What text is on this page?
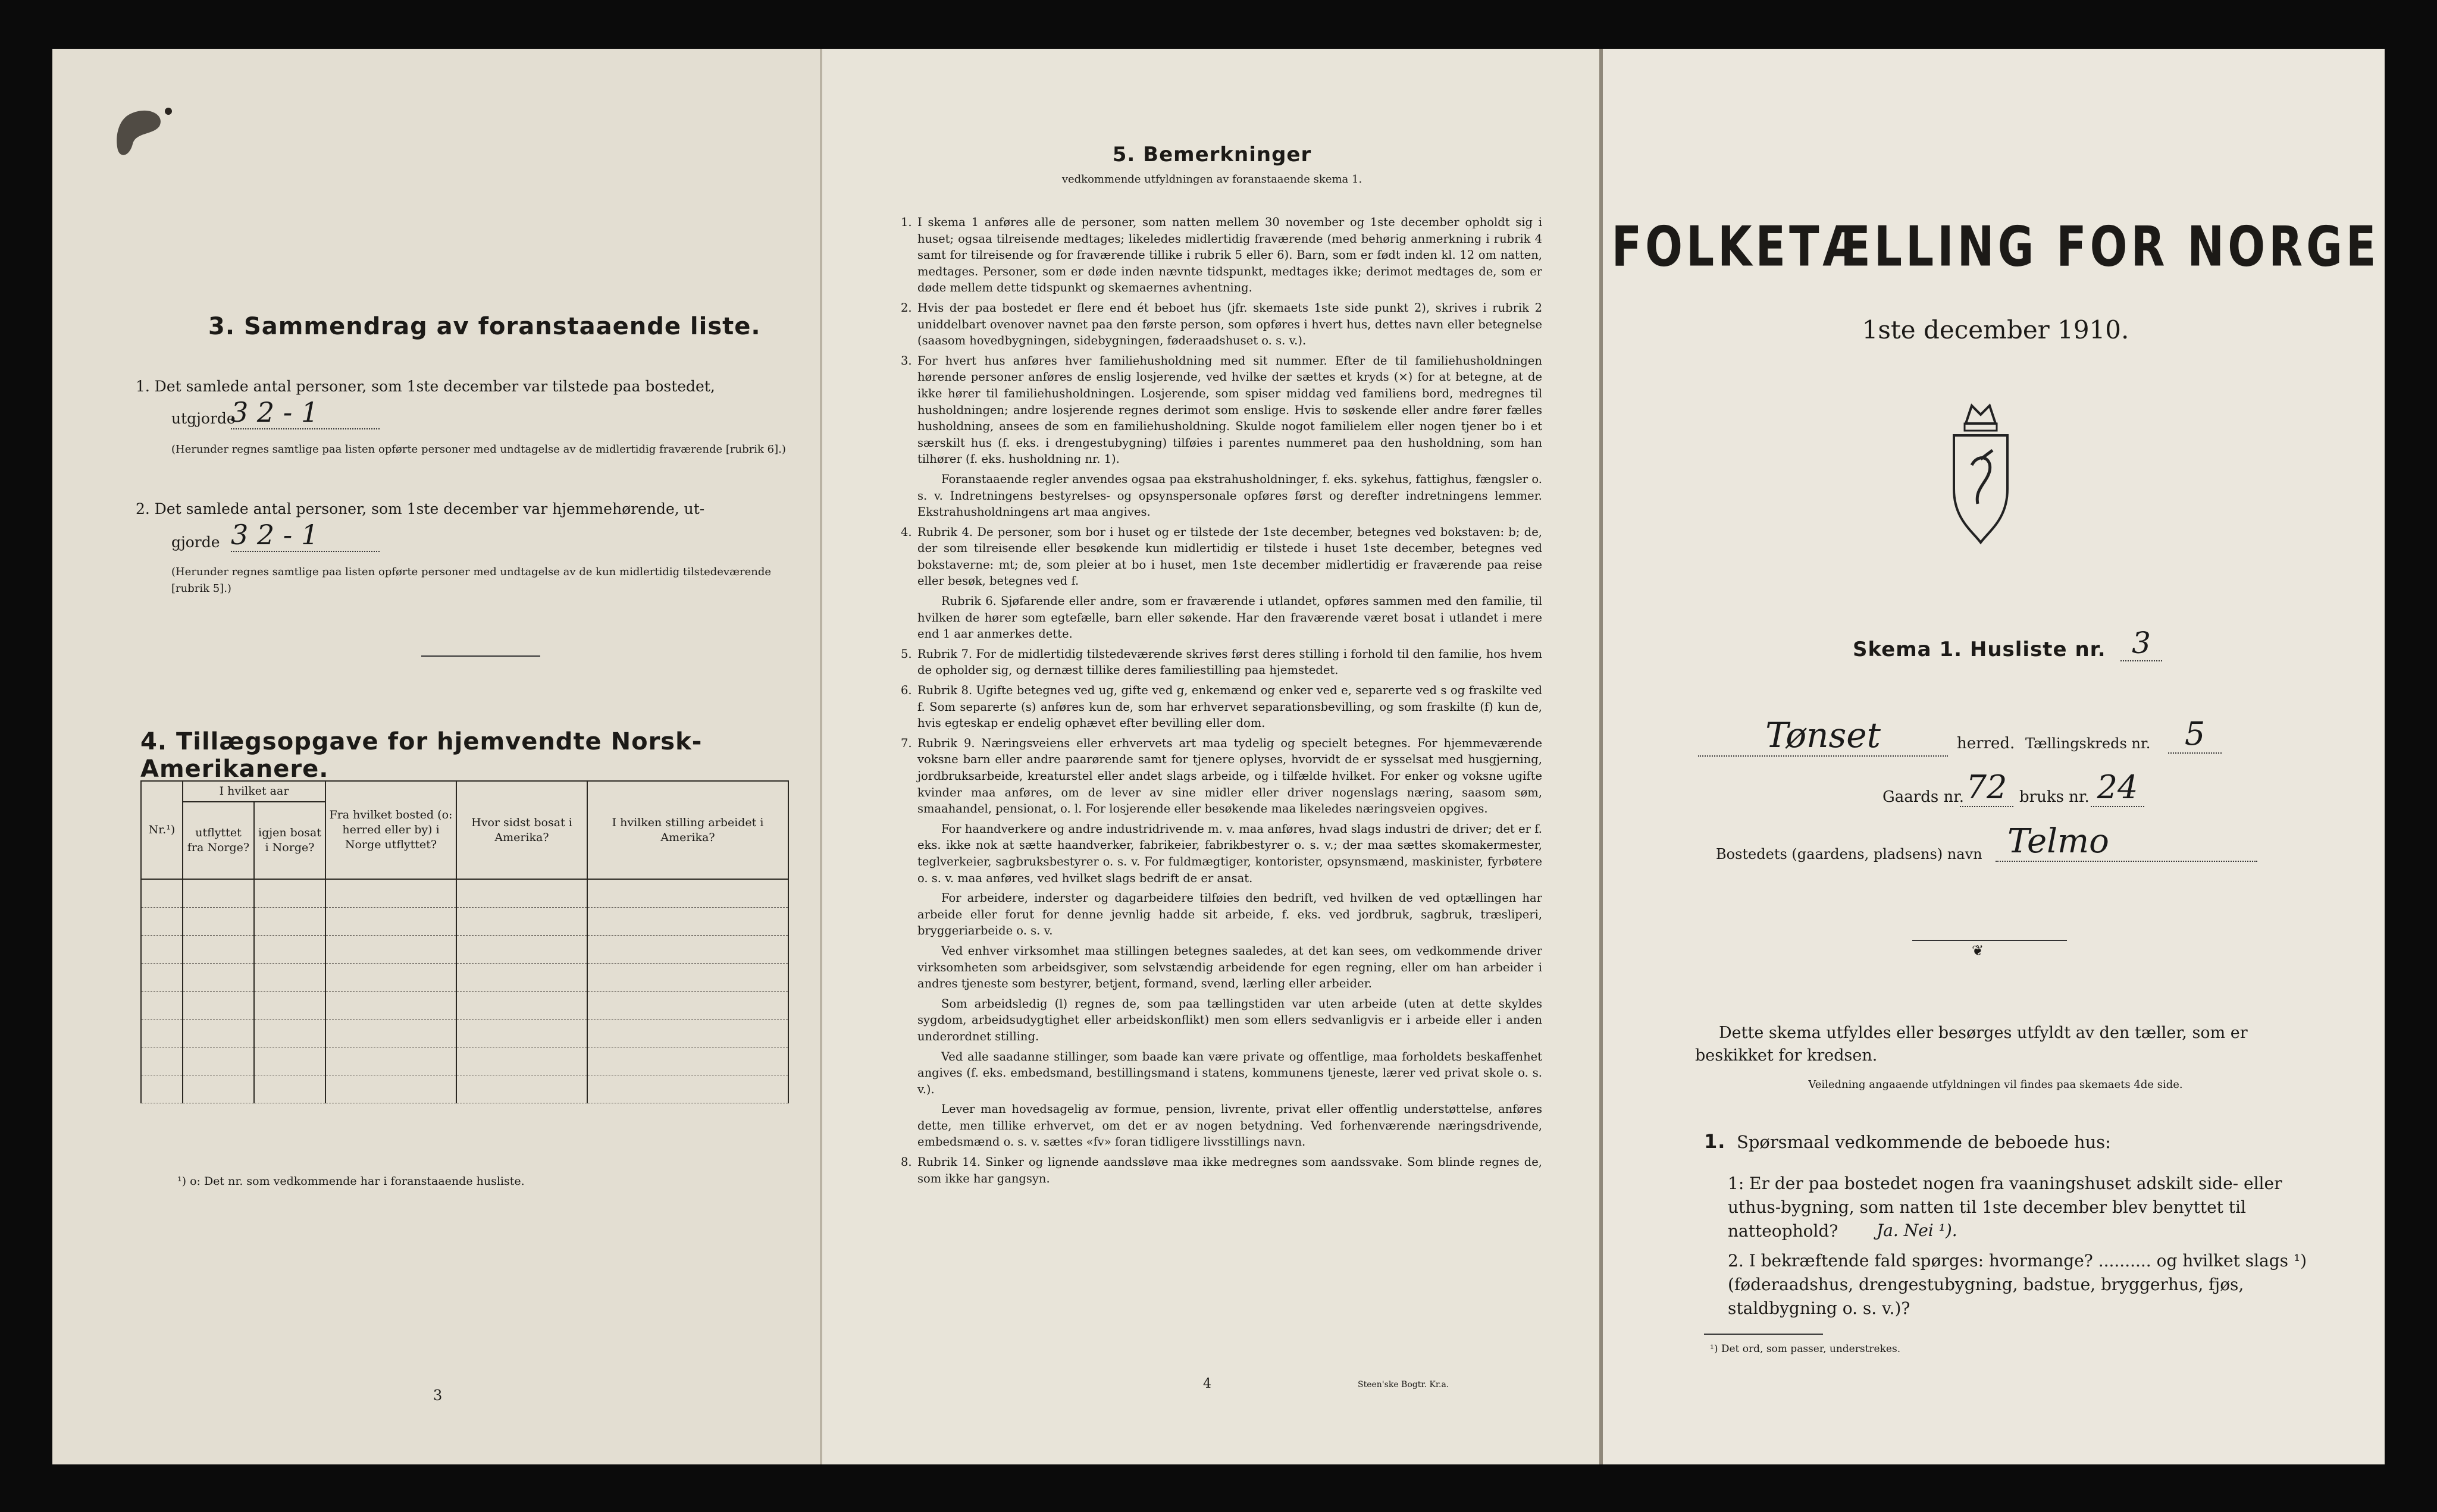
3. Sammendrag av foranstaaende liste.
1. Det samlede antal personer, som 1ste december var tilstede paa bostedet,
utgjorde
3 2 - 1
(Herunder regnes samtlige paa listen opførte personer med undtagelse av de midlertidig fraværende [rubrik 6].)
2. Det samlede antal personer, som 1ste december var hjemmehørende, ut-
gjorde 3 2 - 1
(Herunder regnes samtlige paa listen opførte personer med undtagelse av de kun midlertidig tilstedeværende [rubrik 5].)
4. Tillægsopgave for hjemvendte Norsk-Amerikanere.
Nr.¹)	I hvilket aar		Fra hvilket bosted (o: herred eller by) i Norge utflyttet?	Hvor sidst bosat i Amerika?	I hvilken stilling arbeidet i Amerika?
	utflyttet fra Norge?	igjen bosat i Norge?			

¹) o: Det nr. som vedkommende har i foranstaaende husliste.
3
5. Bemerkninger
vedkommende utfyldningen av foranstaaende skema 1.

1. I skema 1 anføres alle de personer, som natten mellem 30 november og 1ste december opholdt sig i huset; ogsaa tilreisende medtages; likeledes midlertidig fraværende (med behørig anmerkning i rubrik 4 samt for tilreisende og for fraværende tillike i rubrik 5 eller 6). Barn, som er født inden kl. 12 om natten, medtages. Personer, som er døde inden nævnte tidspunkt, medtages ikke; derimot medtages de, som er døde mellem dette tidspunkt og skemaernes avhentning.

2. Hvis der paa bostedet er flere end ét beboet hus (jfr. skemaets 1ste side punkt 2), skrives i rubrik 2 uniddelbart ovenover navnet paa den første person, som opføres i hvert hus, dettes navn eller betegnelse (saasom hovedbygningen, sidebygningen, føderaadshuset o. s. v.).

3. For hvert hus anføres hver familiehusholdning med sit nummer. Efter de til familiehusholdningen hørende personer anføres de enslig losjerende, ved hvilke der sættes et kryds (×) for at betegne, at de ikke hører til familiehusholdningen. Losjerende, som spiser middag ved familiens bord, medregnes til husholdningen; andre losjerende regnes derimot som enslige. Hvis to søskende eller andre fører fælles husholdning, ansees de som en familiehusholdning. Skulde nogot familielem eller nogen tjener bo i et særskilt hus (f. eks. i drengestubygning) tilføies i parentes nummeret paa den husholdning, som han tilhører (f. eks. husholdning nr. 1).

Foranstaaende regler anvendes ogsaa paa ekstrahusholdninger, f. eks. sykehus, fattighus, fængsler o. s. v. Indretningens bestyrelses- og opsynspersonale opføres først og derefter indretningens lemmer. Ekstrahusholdningens art maa angives.

4. Rubrik 4. De personer, som bor i huset og er tilstede der 1ste december, betegnes ved bokstaven: b; de, der som tilreisende eller besøkende kun midlertidig er tilstede i huset 1ste december, betegnes ved bokstaverne: mt; de, som pleier at bo i huset, men 1ste december midlertidig er fraværende paa reise eller besøk, betegnes ved f.

Rubrik 6. Sjøfarende eller andre, som er fraværende i utlandet, opføres sammen med den familie, til hvilken de hører som egtefælle, barn eller søkende. Har den fraværende været bosat i utlandet i mere end 1 aar anmerkes dette.

5. Rubrik 7. For de midlertidig tilstedeværende skrives først deres stilling i forhold til den familie, hos hvem de opholder sig, og dernæst tillike deres familiestilling paa hjemstedet.

6. Rubrik 8. Ugifte betegnes ved ug, gifte ved g, enkemænd og enker ved e, separerte ved s og fraskilte ved f. Som separerte (s) anføres kun de, som har erhvervet separationsbevilling, og som fraskilte (f) kun de, hvis egteskap er endelig ophævet efter bevilling eller dom.

7. Rubrik 9. Næringsveiens eller erhvervets art maa tydelig og specielt betegnes. For hjemmeværende voksne barn eller andre paarørende samt for tjenere oplyses, hvorvidt de er sysselsat med husgjerning, jordbruksarbeide, kreaturstel eller andet slags arbeide, og i tilfælde hvilket. For enker og voksne ugifte kvinder maa anføres, om de lever av sine midler eller driver nogenslags næring, saasom søm, smaahandel, pensionat, o. l. For losjerende eller besøkende maa likeledes næringsveien opgives.

For haandverkere og andre industridrivende m. v. maa anføres, hvad slags industri de driver; det er f. eks. ikke nok at sætte haandverker, fabrikeier, fabrikbestyrer o. s. v.; der maa sættes skomakermester, teglverkeier, sagbruksbestyrer o. s. v. For fuldmægtiger, kontorister, opsynsmænd, maskinister, fyrbøtere o. s. v. maa anføres, ved hvilket slags bedrift de er ansat.

For arbeidere, inderster og dagarbeidere tilføies den bedrift, ved hvilken de ved optællingen har arbeide eller forut for denne jevnlig hadde sit arbeide, f. eks. ved jordbruk, sagbruk, træsliperi, bryggeriarbeide o. s. v.

Ved enhver virksomhet maa stillingen betegnes saaledes, at det kan sees, om vedkommende driver virksomheten som arbeidsgiver, som selvstændig arbeidende for egen regning, eller om han arbeider i andres tjeneste som bestyrer, betjent, formand, svend, lærling eller arbeider.

Som arbeidsledig (l) regnes de, som paa tællingstiden var uten arbeide (uten at dette skyldes sygdom, arbeidsudygtighet eller arbeidskonflikt) men som ellers sedvanligvis er i arbeide eller i anden underordnet stilling.

Ved alle saadanne stillinger, som baade kan være private og offentlige, maa forholdets beskaffenhet angives (f. eks. embedsmand, bestillingsmand i statens, kommunens tjeneste, lærer ved privat skole o. s. v.).

Lever man hovedsagelig av formue, pension, livrente, privat eller offentlig understøttelse, anføres dette, men tillike erhvervet, om det er av nogen betydning. Ved forhenværende næringsdrivende, embedsmænd o. s. v. sættes «fv» foran tidligere livsstillings navn.

8. Rubrik 14. Sinker og lignende aandssløve maa ikke medregnes som aandssvake. Som blinde regnes de, som ikke har gangsyn.

4	Steen'ske Bogtr. Kr.a.
FOLKETÆLLING FOR NORGE
1ste december 1910.
Skema 1. Husliste nr. 3
Tønset	herred. Tællingskreds nr.	5
Gaards nr. 72 bruks nr. 24
Bostedets (gaardens, pladsens) navn Telmo
❦
Dette skema utfyldes eller besørges utfyldt av den tæller, som er beskikket for kredsen.
Veiledning angaaende utfyldningen vil findes paa skemaets 4de side.
1. Spørsmaal vedkommende de beboede hus:
1: Er der paa bostedet nogen fra vaaningshuset adskilt side- eller uthus-bygning, som natten til 1ste december blev benyttet til natteophold?	Ja. Nei ¹).
2. I bekræftende fald spørges: hvormange? .......... og hvilket slags ¹) (føderaadshus, drengestubygning, badstue, bryggerhus, fjøs, staldbygning o. s. v.)?
¹) Det ord, som passer, understrekes.
